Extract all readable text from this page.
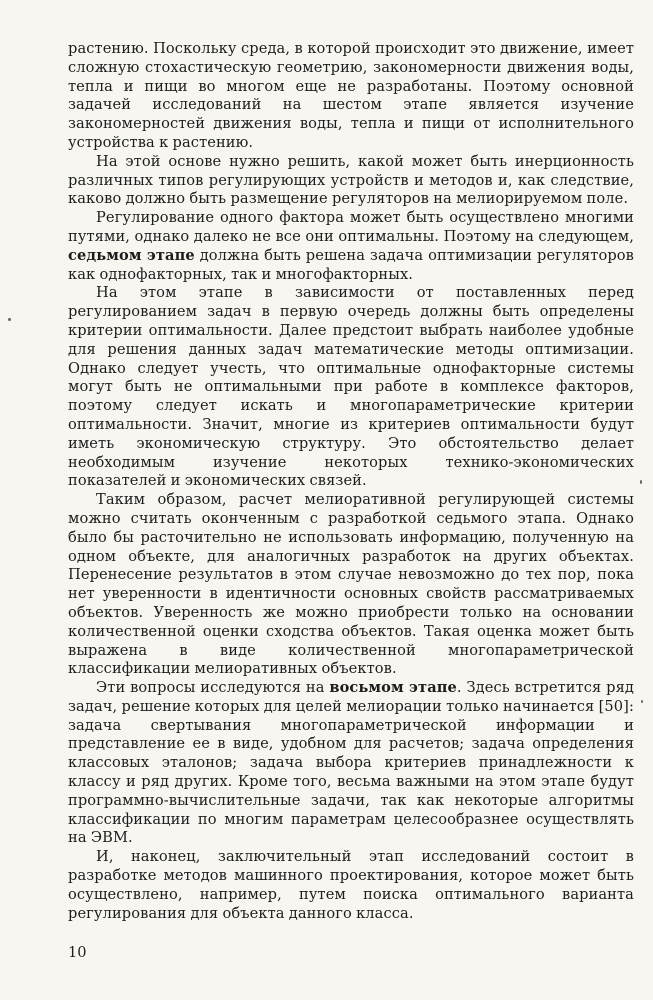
растению. Поскольку среда, в которой происходит это движение, имеет сложную стохастическую геометрию, закономерности движения воды, тепла и пищи во многом еще не разработаны. Поэтому основной задачей исследований на шестом этапе является изучение закономерностей движения воды, тепла и пищи от исполнительного устройства к растению.

На этой основе нужно решить, какой может быть инерционность различных типов регулирующих устройств и методов и, как следствие, каково должно быть размещение регуляторов на мелиорируемом поле.

Регулирование одного фактора может быть осуществлено многими путями, однако далеко не все они оптимальны. Поэтому на следующем, седьмом этапе должна быть решена задача оптимизации регуляторов как однофакторных, так и многофакторных.

На этом этапе в зависимости от поставленных перед регулированием задач в первую очередь должны быть определены критерии оптимальности. Далее предстоит выбрать наиболее удобные для решения данных задач математические методы оптимизации. Однако следует учесть, что оптимальные однофакторные системы могут быть не оптимальными при работе в комплексе факторов, поэтому следует искать и многопараметрические критерии оптимальности. Значит, многие из критериев оптимальности будут иметь экономическую структуру. Это обстоятельство делает необходимым изучение некоторых технико-экономических показателей и экономических связей.

Таким образом, расчет мелиоративной регулирующей системы можно считать оконченным с разработкой седьмого этапа. Однако было бы расточительно не использовать информацию, полученную на одном объекте, для аналогичных разработок на других объектах. Перенесение результатов в этом случае невозможно до тех пор, пока нет уверенности в идентичности основных свойств рассматриваемых объектов. Уверенность же можно приобрести только на основании количественной оценки сходства объектов. Такая оценка может быть выражена в виде количественной многопараметрической классификации мелиоративных объектов.

Эти вопросы исследуются на восьмом этапе. Здесь встретится ряд задач, решение которых для целей мелиорации только начинается [50]: задача свертывания многопараметрической информации и представление ее в виде, удобном для расчетов; задача определения классовых эталонов; задача выбора критериев принадлежности к классу и ряд других. Кроме того, весьма важными на этом этапе будут программно-вычислительные задачи, так как некоторые алгоритмы классификации по многим параметрам целесообразнее осуществлять на ЭВМ.

И, наконец, заключительный этап исследований состоит в разработке методов машинного проектирования, которое может быть осуществлено, например, путем поиска оптимального варианта регулирования для объекта данного класса.

10
